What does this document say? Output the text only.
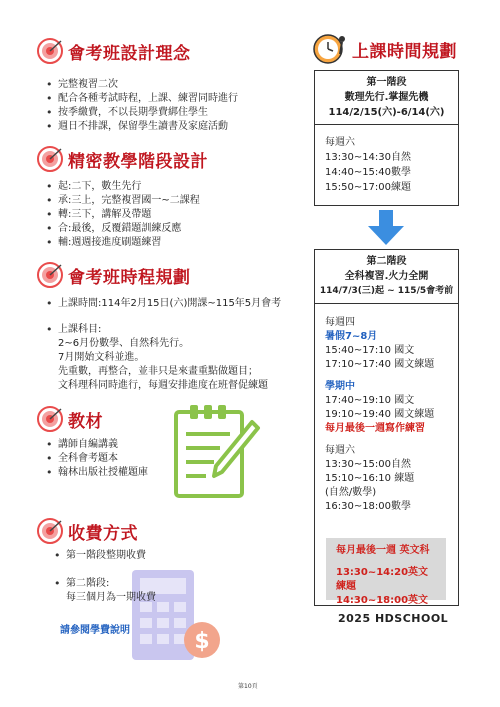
會考班設計理念
• 完整複習二次
• 配合各種考試時程，上課、練習同時進行
• 按季繳費，不以長期學費綁住學生
• 週日不排課，保留學生讀書及家庭活動
精密教學階段設計
• 起:二下，數生先行
• 承:三上，完整複習國一~二課程
• 轉:三下，講解及帶題
• 合:最後，反覆錯題訓練反應
• 輔:週週接進度刷題練習
會考班時程規劃
• 上課時間:114年2月15日(六)開課~115年5月會考
• 上課科目:
2~6月份數學、自然科先行。
7月開始文科並進。
先重數，再整合，並非只是來畫重點做題目；
文科理科同時進行，每週安排進度在班督促練題
教材
• 講師自編講義
• 全科會考題本
• 翰林出版社授權題庫
收費方式
$
• 第一階段整期收費
• 第二階段:
每三個月為一期收費
請參閱學費說明
上課時間規劃
第一階段
數理先行.掌握先機
114/2/15(六)-6/14(六)
每週六
13:30~14:30自然
14:40~15:40數學
15:50~17:00練題
第二階段
全科複習.火力全開
114/7/3(三)起 ~ 115/5會考前
每週四
暑假7~8月
15:40~17:10 國文
17:10~17:40 國文練題
學期中
17:40~19:10 國文
19:10~19:40 國文練題
每月最後一週寫作練習
每週六
13:30~15:00自然
15:10~16:10 練題
(自然/數學)
16:30~18:00數學
每月最後一週 英文科
13:30~14:20英文練題
14:30~18:00英文
2025 HDSCHOOL
第10頁
